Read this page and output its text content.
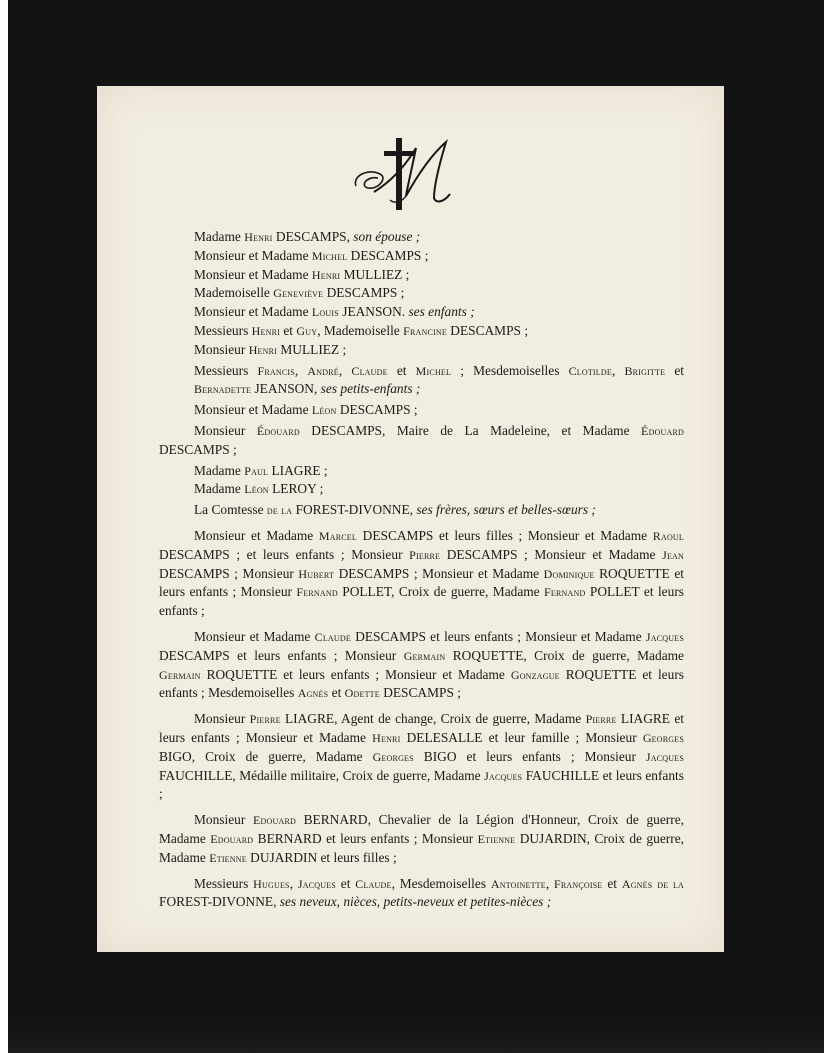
Madame Henri DESCAMPS, son épouse ;

Monsieur et Madame Michel DESCAMPS ;

Monsieur et Madame Henri MULLIEZ ;

Mademoiselle Geneviève DESCAMPS ;

Monsieur et Madame Louis JEANSON. ses enfants ;

Messieurs Henri et Guy, Mademoiselle Francine DESCAMPS ;

Monsieur Henri MULLIEZ ;

Messieurs Francis, André, Claude et Michel ; Mesdemoiselles Clotilde, Brigitte et Bernadette JEANSON, ses petits-enfants ;

Monsieur et Madame Léon DESCAMPS ;

Monsieur Édouard DESCAMPS, Maire de La Madeleine, et Madame Édouard DESCAMPS ;

Madame Paul LIAGRE ;

Madame Léon LEROY ;

La Comtesse de la FOREST-DIVONNE, ses frères, sœurs et belles-sœurs ;

Monsieur et Madame Marcel DESCAMPS et leurs filles ; Monsieur et Madame Raoul DESCAMPS ; et leurs enfants ; Monsieur Pierre DESCAMPS ; Monsieur et Madame Jean DESCAMPS ; Monsieur Hubert DESCAMPS ; Monsieur et Madame Dominique ROQUETTE et leurs enfants ; Monsieur Fernand POLLET, Croix de guerre, Madame Fernand POLLET et leurs enfants ;

Monsieur et Madame Claude DESCAMPS et leurs enfants ; Monsieur et Madame Jacques DESCAMPS et leurs enfants ; Monsieur Germain ROQUETTE, Croix de guerre, Madame Germain ROQUETTE et leurs enfants ; Monsieur et Madame Gonzague ROQUETTE et leurs enfants ; Mesdemoiselles Agnès et Odette DESCAMPS ;

Monsieur Pierre LIAGRE, Agent de change, Croix de guerre, Madame Pierre LIAGRE et leurs enfants ; Monsieur et Madame Henri DELESALLE et leur famille ; Monsieur Georges BIGO, Croix de guerre, Madame Georges BIGO et leurs enfants ; Monsieur Jacques FAUCHILLE, Médaille militaire, Croix de guerre, Madame Jacques FAUCHILLE et leurs enfants ;

Monsieur Edouard BERNARD, Chevalier de la Légion d'Honneur, Croix de guerre, Madame Edouard BERNARD et leurs enfants ; Monsieur Etienne DUJARDIN, Croix de guerre, Madame Etienne DUJARDIN et leurs filles ;

Messieurs Hugues, Jacques et Claude, Mesdemoiselles Antoinette, Françoise et Agnès de la FOREST-DIVONNE, ses neveux, nièces, petits-neveux et petites-nièces ;
